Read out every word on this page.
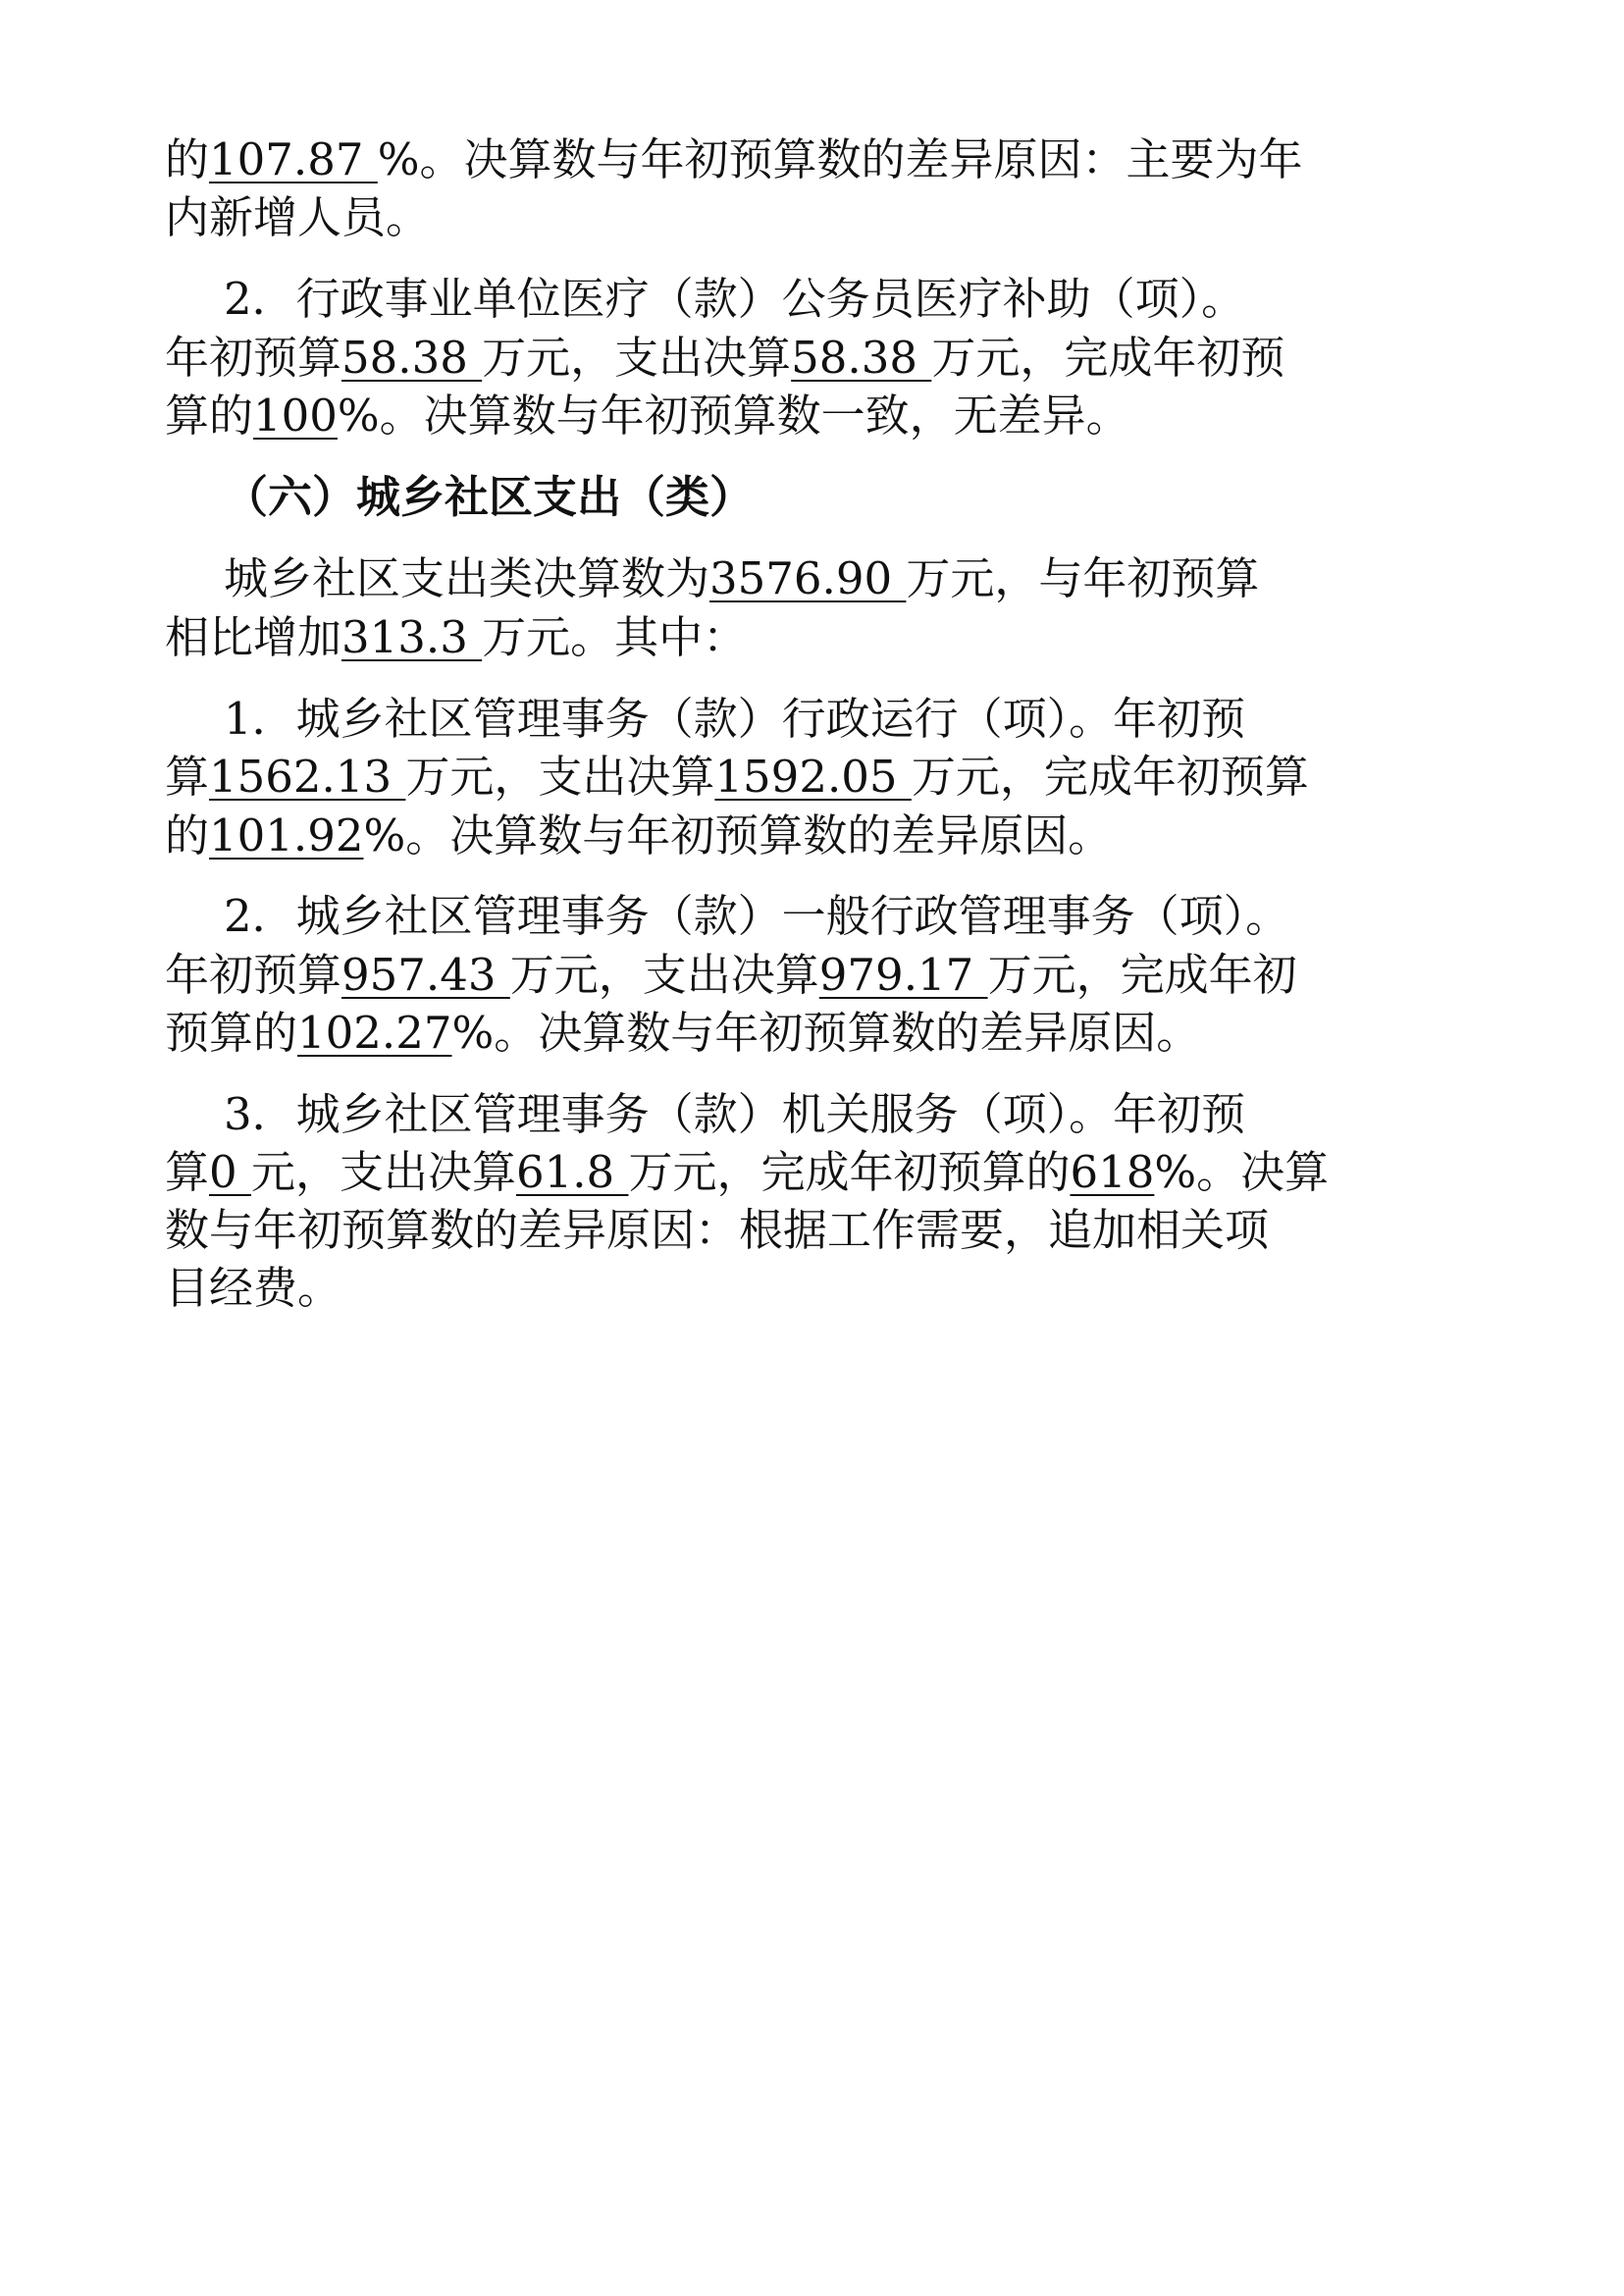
的107.87 %。决算数与年初预算数的差异原因：主要为年
内新增人员。
2．行政事业单位医疗（款）公务员医疗补助（项）。
年初预算58.38 万元，支出决算58.38 万元，完成年初预
算的100%。决算数与年初预算数一致，无差异。
（六）城乡社区支出（类）
城乡社区支出类决算数为3576.90 万元，与年初预算
相比增加313.3 万元。其中：
1．城乡社区管理事务（款）行政运行（项）。年初预
算1562.13 万元，支出决算1592.05 万元，完成年初预算
的101.92%。决算数与年初预算数的差异原因。
2．城乡社区管理事务（款）一般行政管理事务（项）。
年初预算957.43 万元，支出决算979.17 万元，完成年初
预算的102.27%。决算数与年初预算数的差异原因。
3．城乡社区管理事务（款）机关服务（项）。年初预
算0 元，支出决算61.8 万元，完成年初预算的618%。决算
数与年初预算数的差异原因：根据工作需要，追加相关项
目经费。
